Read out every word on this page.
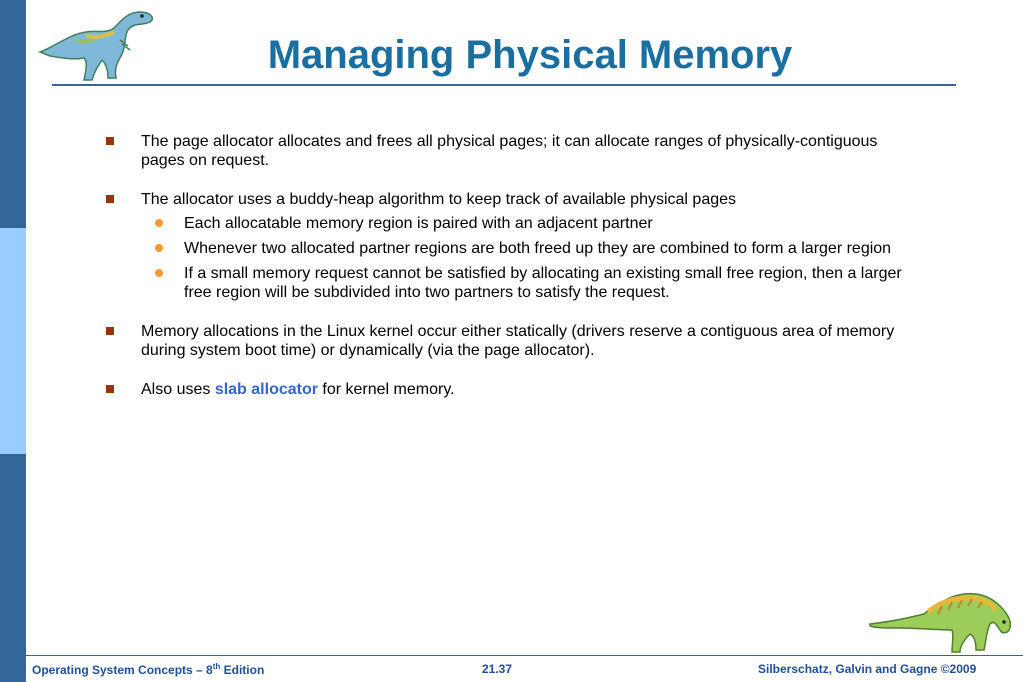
Managing Physical Memory
The page allocator allocates and frees all physical pages; it can allocate ranges of physically-contiguous pages on request.
The allocator uses a buddy-heap algorithm to keep track of available physical pages
Each allocatable memory region is paired with an adjacent partner
Whenever two allocated partner regions are both freed up they are combined to form a larger region
If a small memory request cannot be satisfied by allocating an existing small free region, then a larger free region will be subdivided into two partners to satisfy the request.
Memory allocations in the Linux kernel occur either statically (drivers reserve a contiguous area of memory during system boot time) or dynamically (via the page allocator).
Also uses slab allocator for kernel memory.
Operating System Concepts – 8th Edition	21.37	Silberschatz, Galvin and Gagne ©2009
